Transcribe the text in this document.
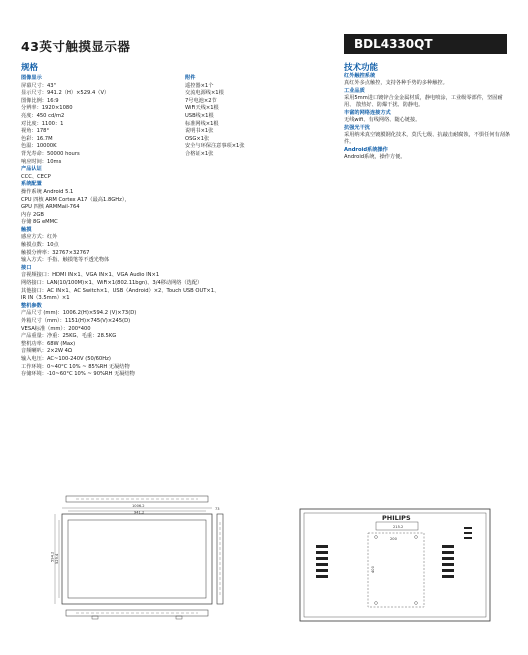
43英寸触摸显示器	BDL4330QT
规格	技术功能
图像显示
屏幕尺寸：43"
显示尺寸：941.2（H）×529.4（V）
图像比例：16:9
分辨率：1920×1080
亮度：450 cd/m2
对比度：1100：1
视角：178°
色彩：16.7M
色温：10000K
背光寿命：50000 hours
响应时间：10ms
产品认证
CCC、CECP
系统配置
操作系统 Android 5.1
CPU 四核 ARM Cortex A17（最高1.8GHz），
GPU 四核 ARMMail-764
内存 2GB
存储 8G eMMC
触摸
感应方式：红外
触摸点数：10点
触摸分辨率：32767×32767
输入方式：手指、触摸笔等不透光物体
接口
音视频接口：HDMI IN×1、VGA IN×1、VGA Audio IN×1
网络接口：LAN(10/100M)×1、WiFi×1(802.11bgn)、3/4移动网络（选配）
其他接口：AC IN×1、AC Switch×1、USB（Android）×2、Touch USB OUT×1、
IR IN（3.5mm）×1
整机参数
产品尺寸 (mm)：1006.2(H)×594.2 (V)×73(D)
外箱尺寸（mm）：1151(H)×745(V)×245(D)
VESA标准（mm）：200*400
产品重量：净重：25KG、毛重：28.5KG
整机功率：68W (Max)
音频喇叭：2×2W 4Ω
输入电压：AC~100-240V (50/60Hz)
工作环境：0~40°C 10% ~ 85%RH 无凝结物
存储环境：-10~60°C 10% ~ 90%RH 无凝结物
附件
遥控器×1个
交流电源线×1根
7号电池×2节
WiFi天线×1根
USB线×1根
标准网线×1根
说明书×1张
OSG×1张
安全与环保注意事项×1张
合格证×1张
红外触控系统
真红外多点触控，支持各种手势的多种触控。
工业品质
采用5mm进口镀锌合金金属材质，静电喷涂，工业级零部件，坚固耐用、 散热好、防爆干扰、防静电。
丰富的网络连接方式
无线wifi、有线网络、随心链接。
抗强光干扰
采用纳米真空镀膜钢化技术，莫氏七级、抗敲击耐腐蚀，不惧任何有刮条件。
Android系统操作
Android系统，操作方便。
1006.2
941.2
594.2 529.4
73
PHILIPS
215.2
200
400
